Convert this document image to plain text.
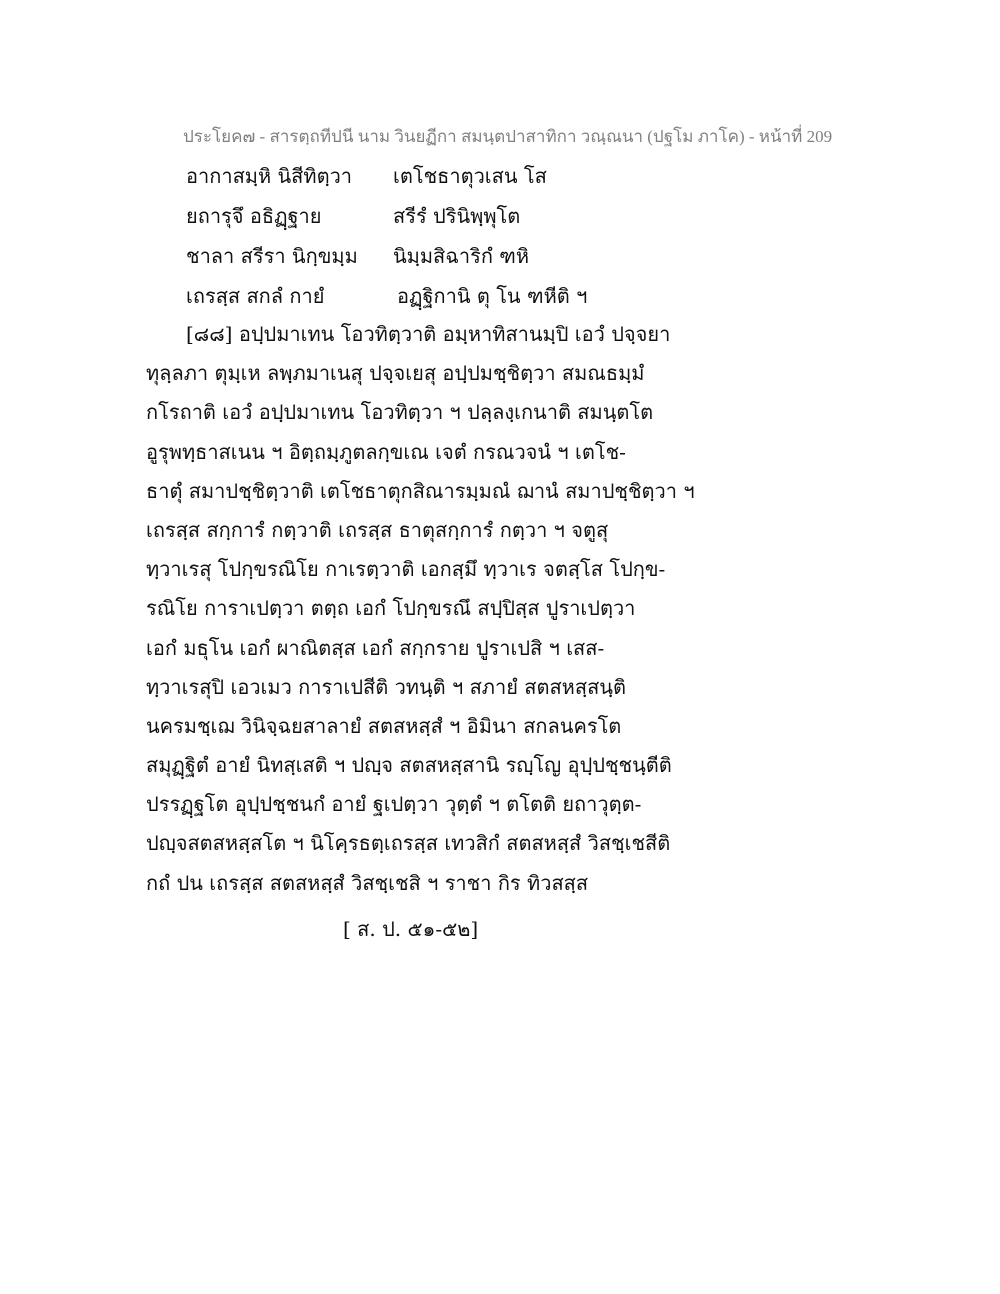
ประโยค๗ - สารตฺถทีปนี นาม วินยฏีกา สมนฺตปาสาทิกา วณฺณนา (ปฐโม ภาโค) - หน้าที่ 209
อากาสมฺหิ นิสีทิตฺวา เตโชธาตุวเสน โส
ยถารุจึ อธิฏฺฐาย	สรีรํ ปรินิพฺพุโต
ชาลา สรีรา นิกฺขมฺม นิมฺมสิฉาริกํ ฑหิ
เถรสฺส สกลํ กายํ	อฏฺฐิกานิ ตุ โน ฑหีติ ฯ
[๘๘] อปฺปมาเทน โอวทิตฺวาติ อมฺหาทิสานมฺปิ เอวํ ปจฺจยา
ทุลฺลภา ตุมฺเห ลพฺภมาเนสุ ปจฺจเยสุ อปฺปมชฺชิตฺวา สมณธมฺมํ
กโรถาติ เอวํ อปฺปมาเทน โอวทิตฺวา ฯ ปลฺลงฺเกนาติ สมนฺตโต
อูรุพทฺธาสเนน ฯ อิตฺถมฺภูตลกฺขเณ เจตํ กรณวจนํ ฯ เตโช-
ธาตุํ สมาปชฺชิตฺวาติ เตโชธาตุกสิณารมฺมณํ ฌานํ สมาปชฺชิตฺวา ฯ
เถรสฺส สกฺการํ กตฺวาติ เถรสฺส ธาตุสกฺการํ กตฺวา ฯ จตูสุ
ทฺวาเรสุ โปกฺขรณิโย กาเรตฺวาติ เอกสฺมึ ทฺวาเร จตสฺโส โปกฺข-
รณิโย การาเปตฺวา ตตฺถ เอกํ โปกฺขรณึ สปฺปิสฺส ปูราเปตฺวา
เอกํ มธุโน เอกํ ผาณิตสฺส เอกํ สกฺกราย ปูราเปสิ ฯ เสส-
ทฺวาเรสุปิ เอวเมว การาเปสีติ วทนฺติ ฯ สภายํ สตสหสฺสนฺติ
นครมชฺเฌ วินิจฺฉยสาลายํ สตสหสฺสํ ฯ อิมินา สกลนครโต
สมุฏฺฐิตํ อายํ นิทสฺเสติ ฯ ปญฺจ สตสหสฺสานิ รญฺโญ อุปฺปชฺชนฺตีติ
ปรรฏฺฐโต อุปฺปชฺชนกํ อายํ ฐเปตฺวา วุตฺตํ ฯ ตโตติ ยถาวุตฺต-
ปญฺจสตสหสฺสโต ฯ นิโคฺรธตฺเถรสฺส เทวสิกํ สตสหสฺสํ วิสชฺเชสีติ
กถํ ปน เถรสฺส สตสหสฺสํ วิสชฺเชสิ ฯ ราชา กิร ทิวสสฺส
[ ส. ป. ๕๑-๕๒]
